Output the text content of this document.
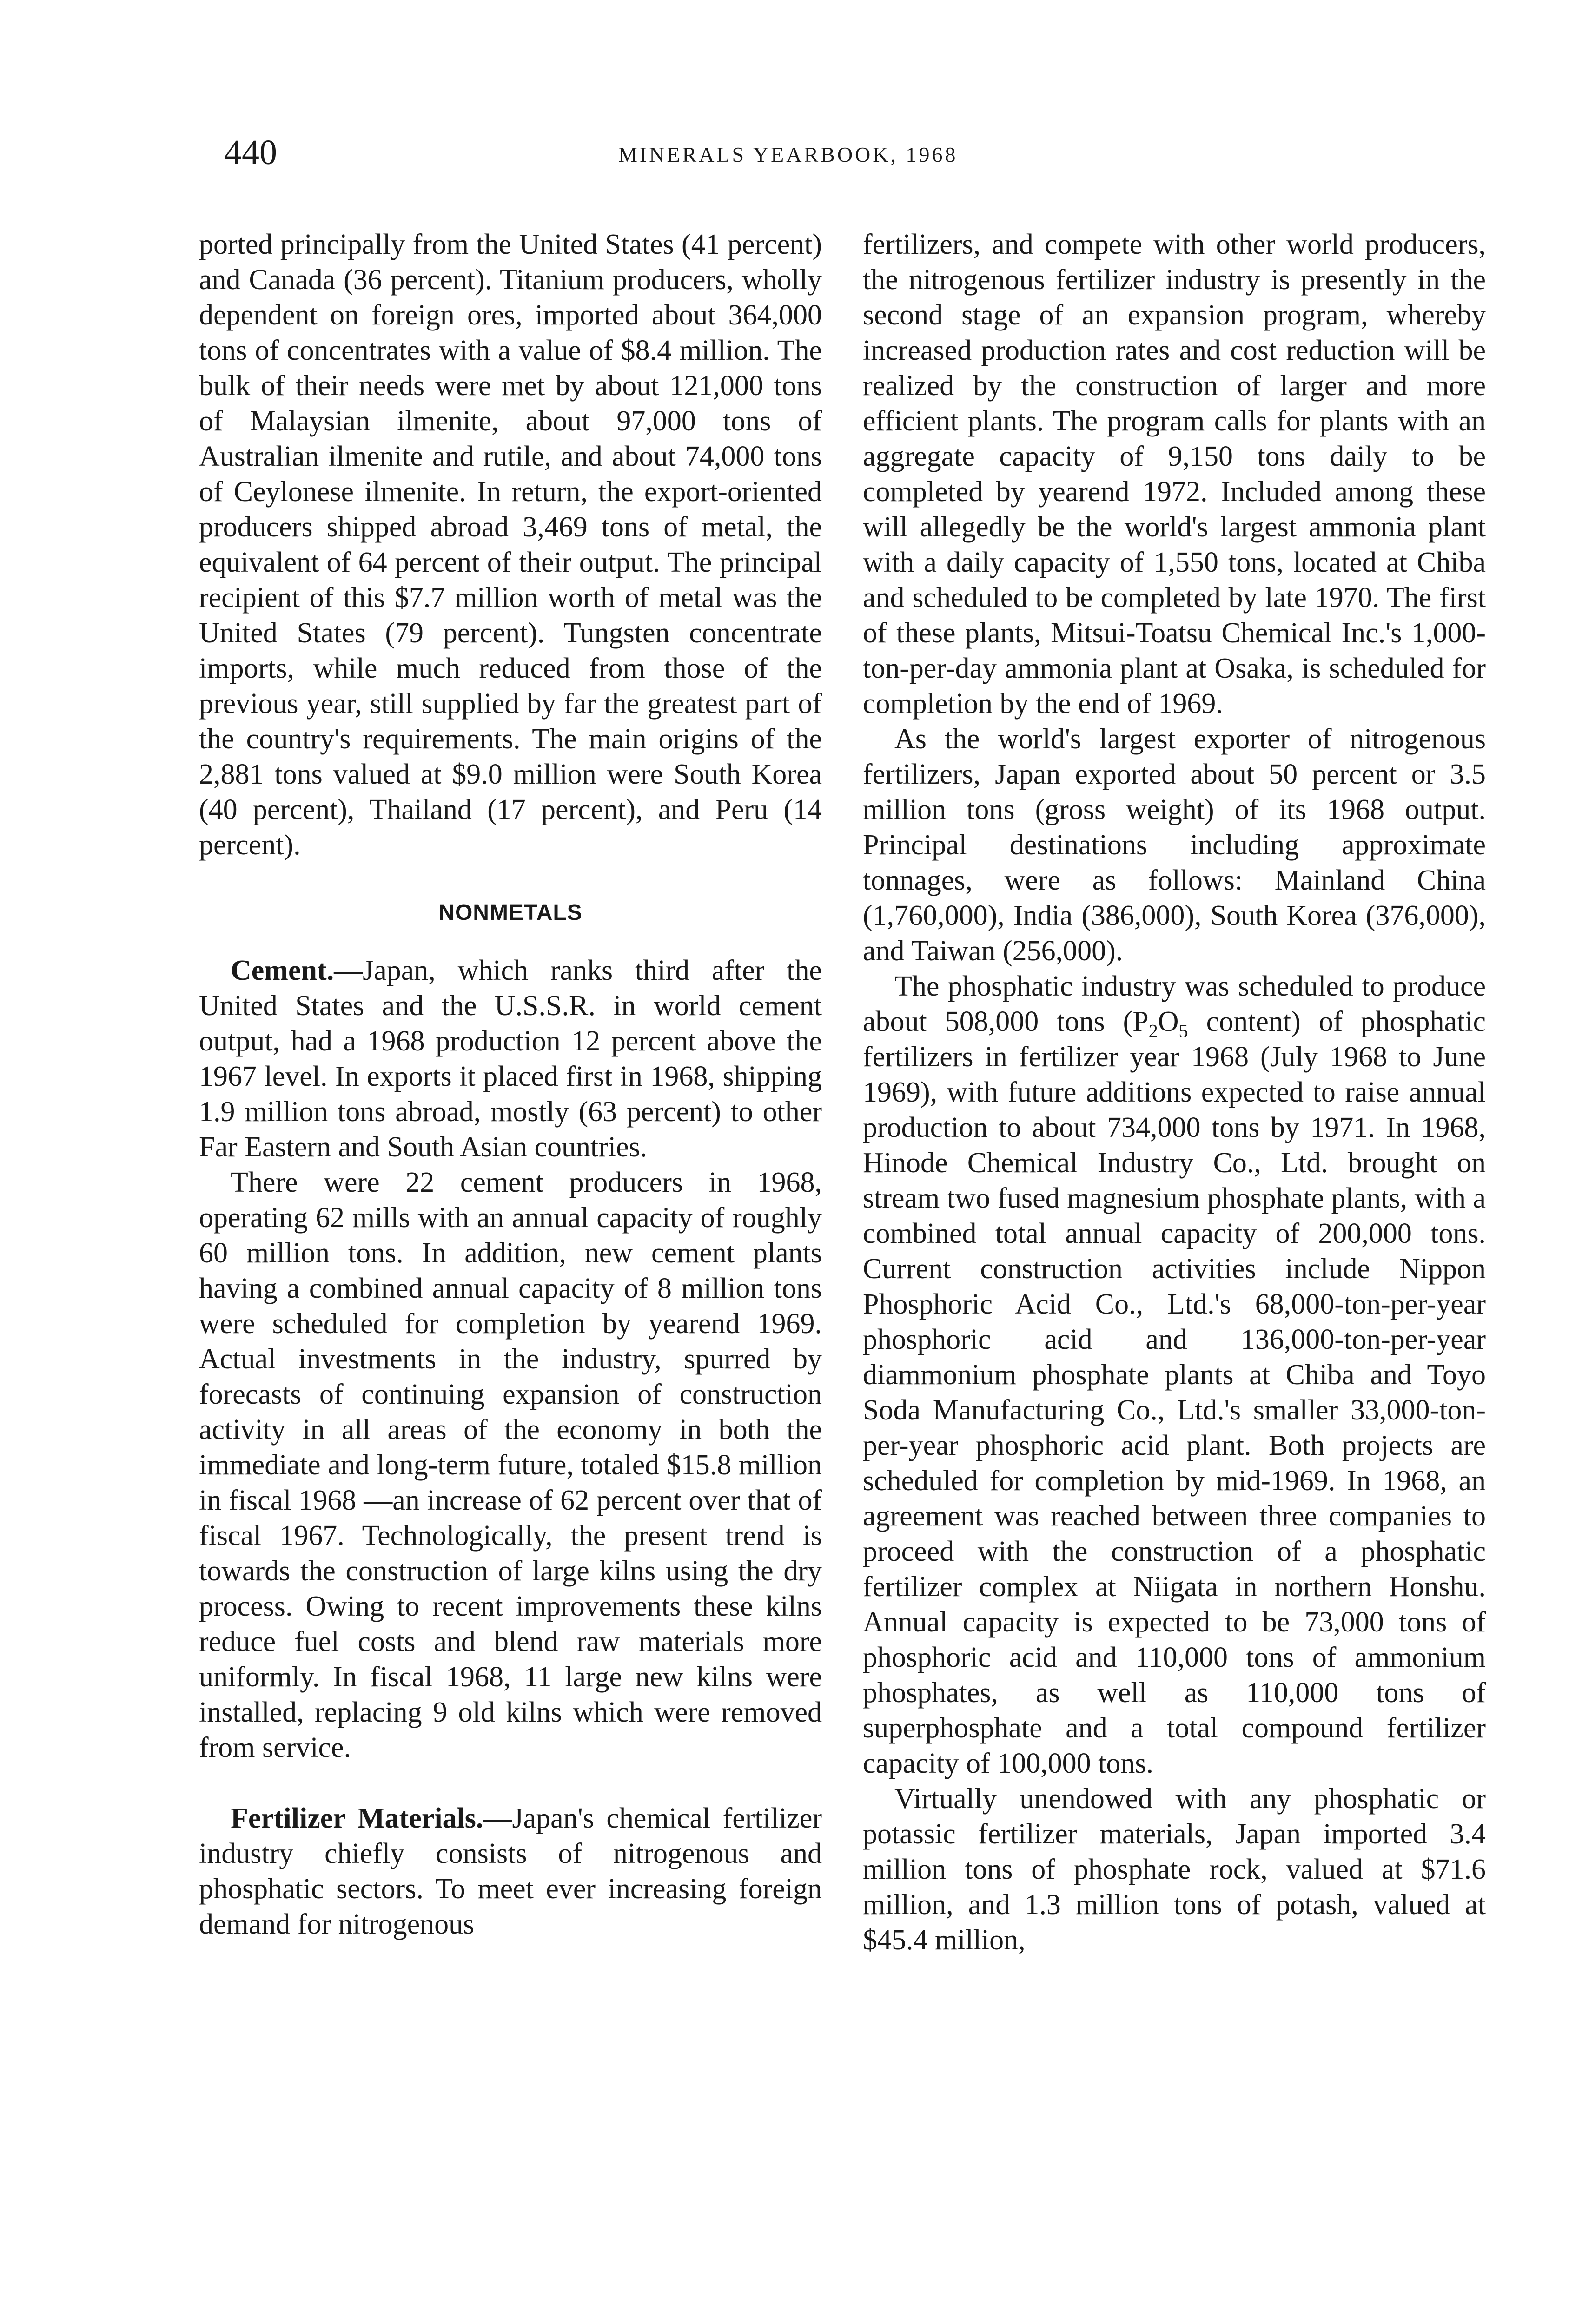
440	MINERALS YEARBOOK, 1968

ported principally from the United States (41 percent) and Canada (36 percent). Titanium producers, wholly dependent on foreign ores, imported about 364,000 tons of concentrates with a value of $8.4 million. The bulk of their needs were met by about 121,000 tons of Malaysian ilmenite, about 97,000 tons of Australian ilmenite and rutile, and about 74,000 tons of Ceylonese ilmenite. In return, the export-oriented producers shipped abroad 3,469 tons of metal, the equivalent of 64 percent of their output. The principal recipient of this $7.7 million worth of metal was the United States (79 percent). Tungsten concentrate imports, while much reduced from those of the previous year, still supplied by far the greatest part of the country's requirements. The main origins of the 2,881 tons valued at $9.0 million were South Korea (40 percent), Thailand (17 percent), and Peru (14 percent).

NONMETALS

Cement.—Japan, which ranks third after the United States and the U.S.S.R. in world cement output, had a 1968 production 12 percent above the 1967 level. In exports it placed first in 1968, shipping 1.9 million tons abroad, mostly (63 percent) to other Far Eastern and South Asian countries.

There were 22 cement producers in 1968, operating 62 mills with an annual capacity of roughly 60 million tons. In addition, new cement plants having a combined annual capacity of 8 million tons were scheduled for completion by yearend 1969. Actual investments in the industry, spurred by forecasts of continuing expansion of construction activity in all areas of the economy in both the immediate and long-term future, totaled $15.8 million in fiscal 1968 —an increase of 62 percent over that of fiscal 1967. Technologically, the present trend is towards the construction of large kilns using the dry process. Owing to recent improvements these kilns reduce fuel costs and blend raw materials more uniformly. In fiscal 1968, 11 large new kilns were installed, replacing 9 old kilns which were removed from service.

Fertilizer Materials.—Japan's chemical fertilizer industry chiefly consists of nitrogenous and phosphatic sectors. To meet ever increasing foreign demand for nitrogenous

fertilizers, and compete with other world producers, the nitrogenous fertilizer industry is presently in the second stage of an expansion program, whereby increased production rates and cost reduction will be realized by the construction of larger and more efficient plants. The program calls for plants with an aggregate capacity of 9,150 tons daily to be completed by yearend 1972. Included among these will allegedly be the world's largest ammonia plant with a daily capacity of 1,550 tons, located at Chiba and scheduled to be completed by late 1970. The first of these plants, Mitsui-Toatsu Chemical Inc.'s 1,000-ton-per-day ammonia plant at Osaka, is scheduled for completion by the end of 1969.

As the world's largest exporter of nitrogenous fertilizers, Japan exported about 50 percent or 3.5 million tons (gross weight) of its 1968 output. Principal destinations including approximate tonnages, were as follows: Mainland China (1,760,000), India (386,000), South Korea (376,000), and Taiwan (256,000).

The phosphatic industry was scheduled to produce about 508,000 tons ($P_2O_5$ content) of phosphatic fertilizers in fertilizer year 1968 (July 1968 to June 1969), with future additions expected to raise annual production to about 734,000 tons by 1971. In 1968, Hinode Chemical Industry Co., Ltd. brought on stream two fused magnesium phosphate plants, with a combined total annual capacity of 200,000 tons. Current construction activities include Nippon Phosphoric Acid Co., Ltd.'s 68,000-ton-per-year phosphoric acid and 136,000-ton-per-year diammonium phosphate plants at Chiba and Toyo Soda Manufacturing Co., Ltd.'s smaller 33,000-ton-per-year phosphoric acid plant. Both projects are scheduled for completion by mid-1969. In 1968, an agreement was reached between three companies to proceed with the construction of a phosphatic fertilizer complex at Niigata in northern Honshu. Annual capacity is expected to be 73,000 tons of phosphoric acid and 110,000 tons of ammonium phosphates, as well as 110,000 tons of superphosphate and a total compound fertilizer capacity of 100,000 tons.

Virtually unendowed with any phosphatic or potassic fertilizer materials, Japan imported 3.4 million tons of phosphate rock, valued at $71.6 million, and 1.3 million tons of potash, valued at $45.4 million,
